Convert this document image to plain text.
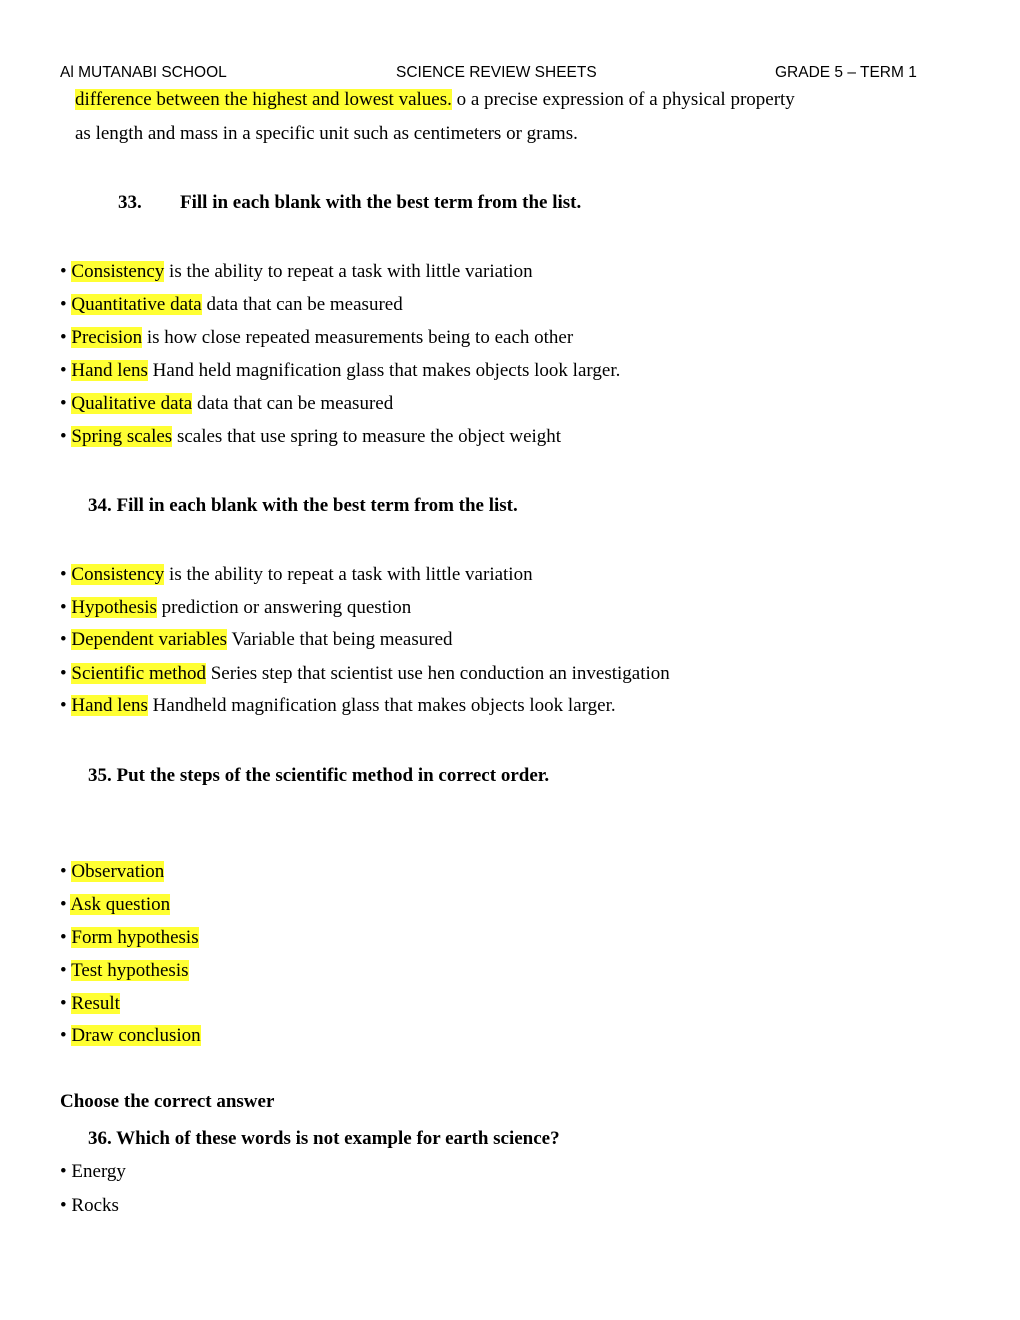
Al MUTANABI SCHOOL	SCIENCE REVIEW SHEETS	GRADE 5 – TERM 1
difference between the highest and lowest values. o a precise expression of a physical property
as length and mass in a specific unit such as centimeters or grams.
33. Fill in each blank with the best term from the list.
• Consistency is the ability to repeat a task with little variation
• Quantitative data data that can be measured
• Precision is how close repeated measurements being to each other
• Hand lens Hand held magnification glass that makes objects look larger.
• Qualitative data data that can be measured
• Spring scales scales that use spring to measure the object weight
34. Fill in each blank with the best term from the list.
• Consistency is the ability to repeat a task with little variation
• Hypothesis prediction or answering question
• Dependent variables Variable that being measured
• Scientific method Series step that scientist use hen conduction an investigation
• Hand lens Handheld magnification glass that makes objects look larger.
35. Put the steps of the scientific method in correct order.
• Observation
• Ask question
• Form hypothesis
• Test hypothesis
• Result
• Draw conclusion
Choose the correct answer
36. Which of these words is not example for earth science?
• Energy
• Rocks
